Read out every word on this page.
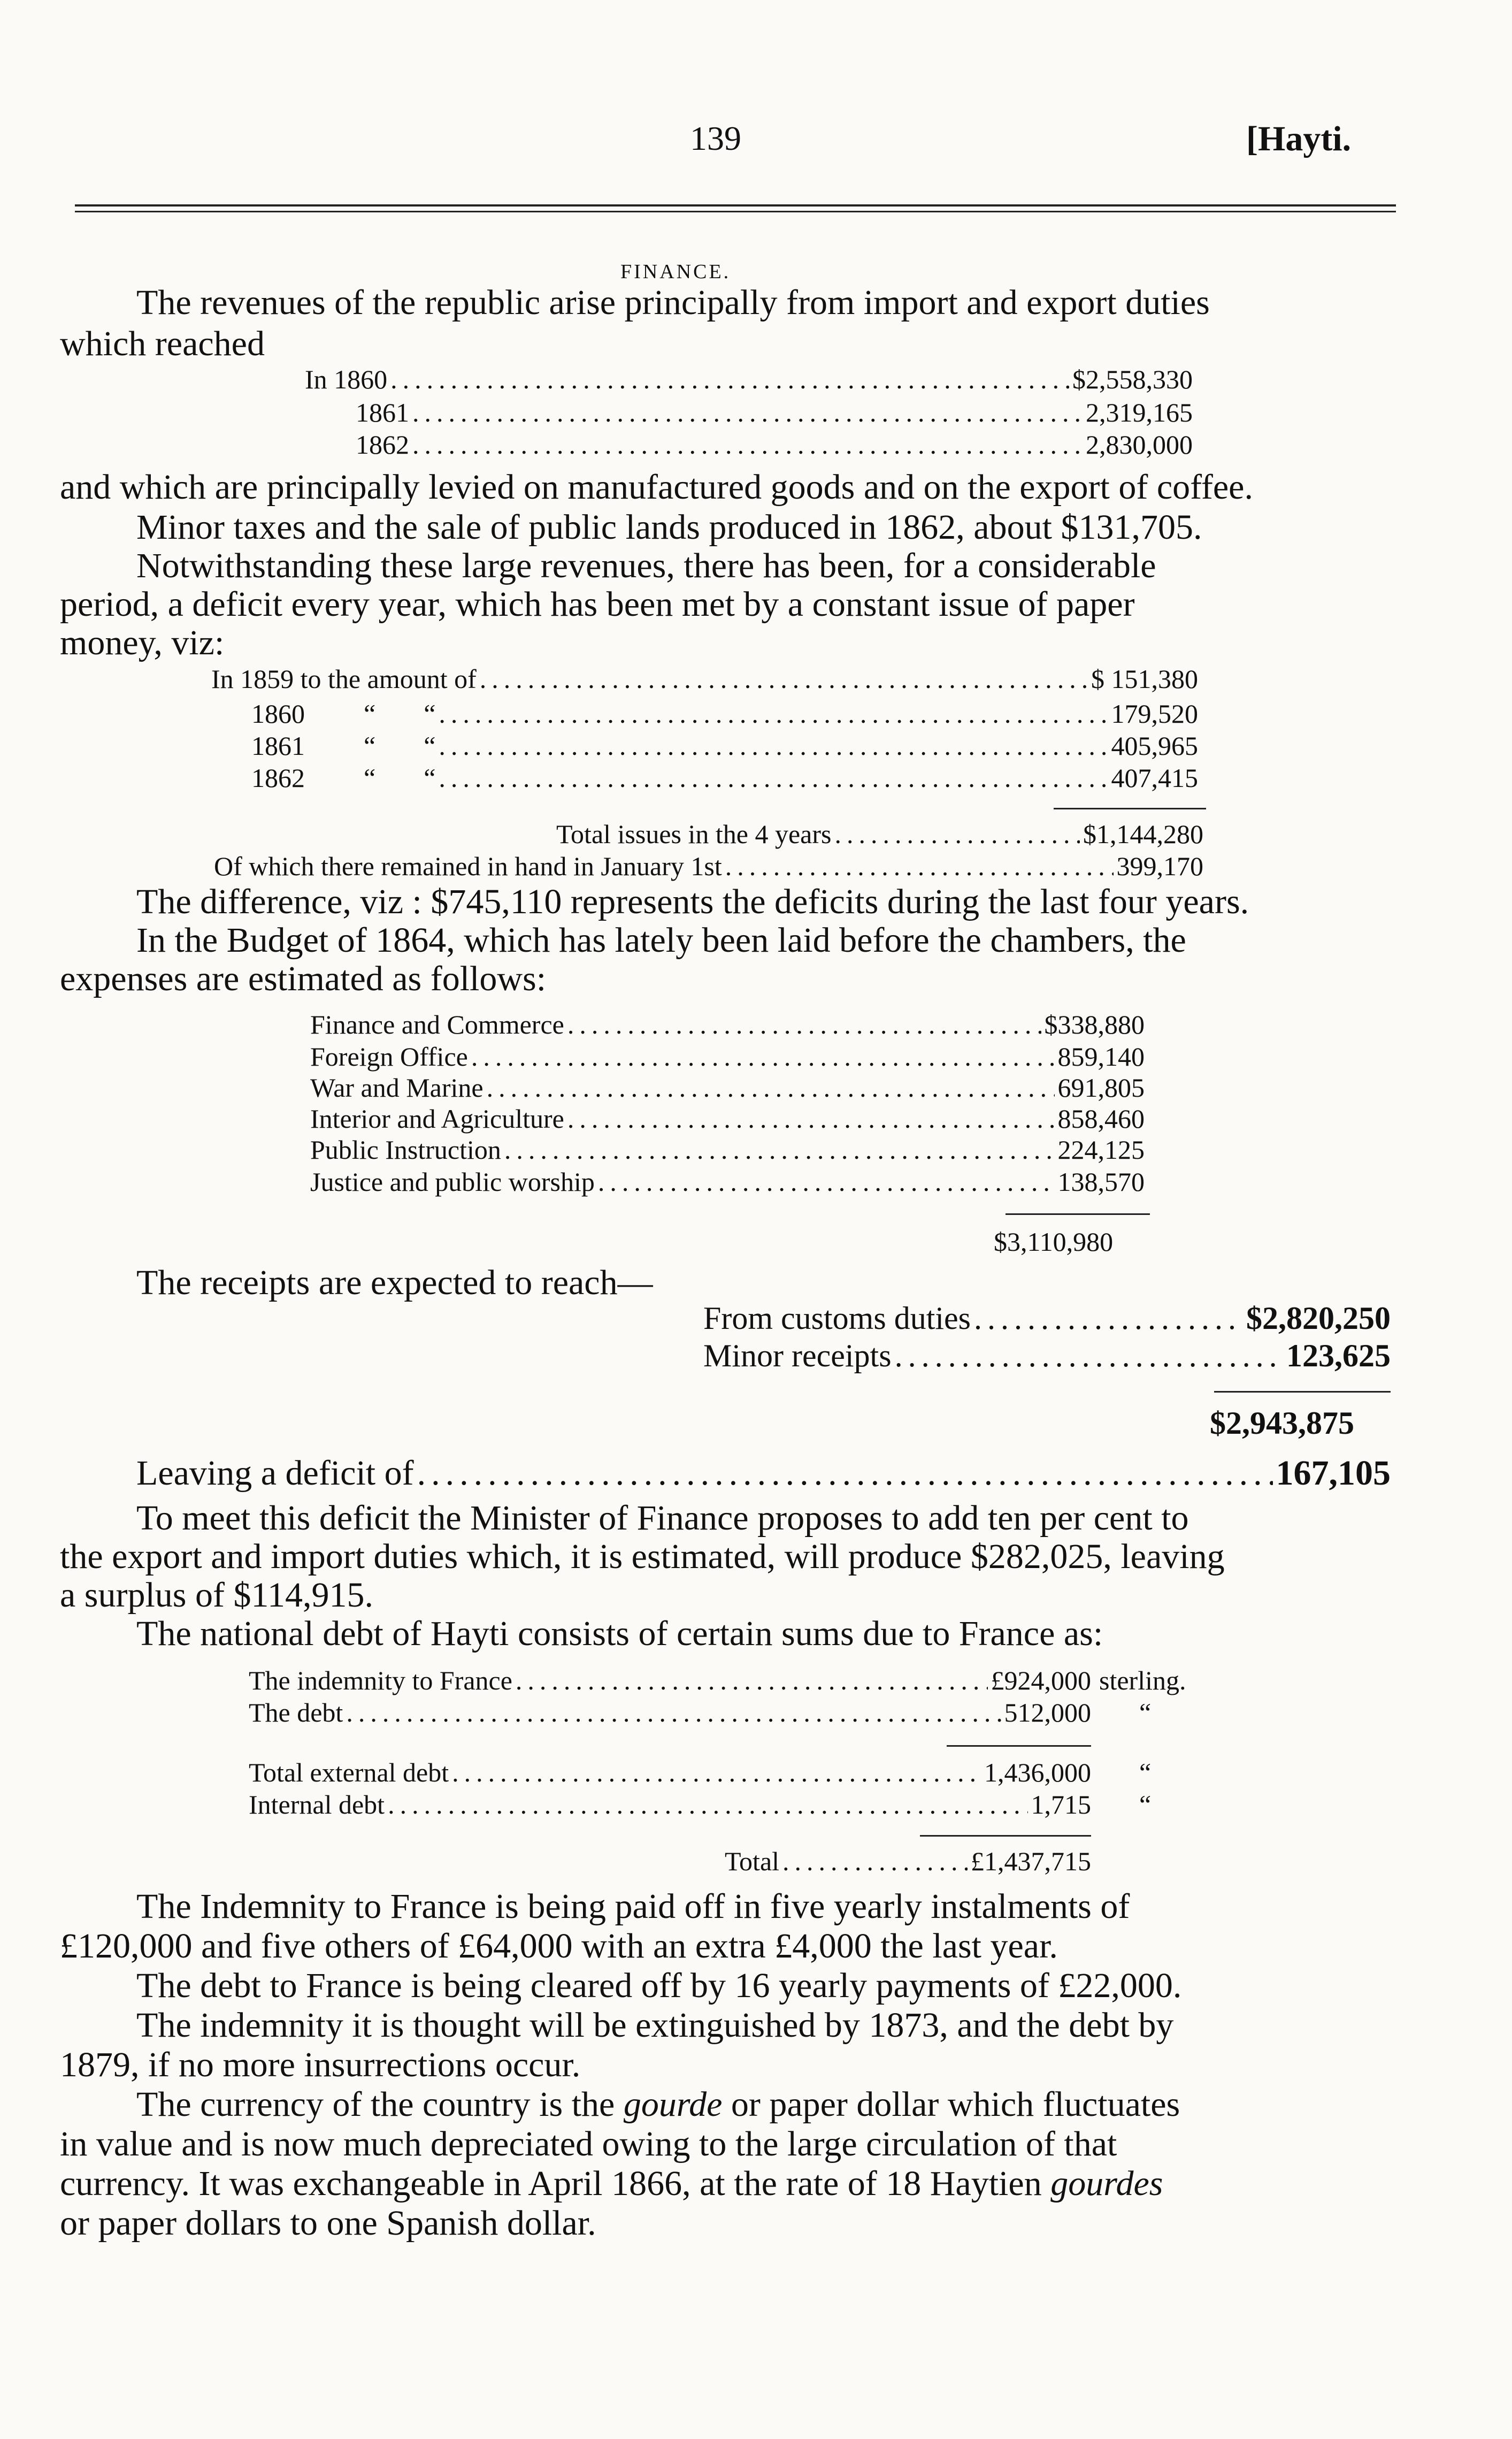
139	[Hayti.
FINANCE.
The revenues of the republic arise principally from import and export duties
which reached
In 1860 .....	$2,558,330
1861 .....	2,319,165
1862 .....	2,830,000
and which are principally levied on manufactured goods and on the export of coffee.
Minor taxes and the sale of public lands produced in 1862, about $131,705.
Notwithstanding these large revenues, there has been, for a considerable
period, a deficit every year, which has been met by a constant issue of paper
money, viz:
In 1859 to the amount of .....	$ 151,380
1860 “ “ .....	179,520
1861 “ “ .....	405,965
1862 “ “ .....	407,415
Total issues in the 4 years .....	$1,144,280
Of which there remained in hand in January 1st .....	399,170
The difference, viz : $745,110 represents the deficits during the last four years.
In the Budget of 1864, which has lately been laid before the chambers, the
expenses are estimated as follows:
Finance and Commerce .....	$338,880
Foreign Office .....	859,140
War and Marine .....	691,805
Interior and Agriculture .....	858,460
Public Instruction .....	224,125
Justice and public worship .....	138,570
$3,110,980
The receipts are expected to reach—
From customs duties .....	$2,820,250
Minor receipts .....	123,625
$2,943,875
Leaving a deficit of .....	167,105
To meet this deficit the Minister of Finance proposes to add ten per cent to
the export and import duties which, it is estimated, will produce $282,025, leaving
a surplus of $114,915.
The national debt of Hayti consists of certain sums due to France as:
The indemnity to France .....	£924,000 sterling.
The debt .....	512,000 “
Total external debt .....	1,436,000 “
Internal debt .....	1,715 “
Total .....	£1,437,715
The Indemnity to France is being paid off in five yearly instalments of
£120,000 and five others of £64,000 with an extra £4,000 the last year.
The debt to France is being cleared off by 16 yearly payments of £22,000.
The indemnity it is thought will be extinguished by 1873, and the debt by
1879, if no more insurrections occur.
The currency of the country is the gourde or paper dollar which fluctuates
in value and is now much depreciated owing to the large circulation of that
currency. It was exchangeable in April 1866, at the rate of 18 Haytien gourdes
or paper dollars to one Spanish dollar.
